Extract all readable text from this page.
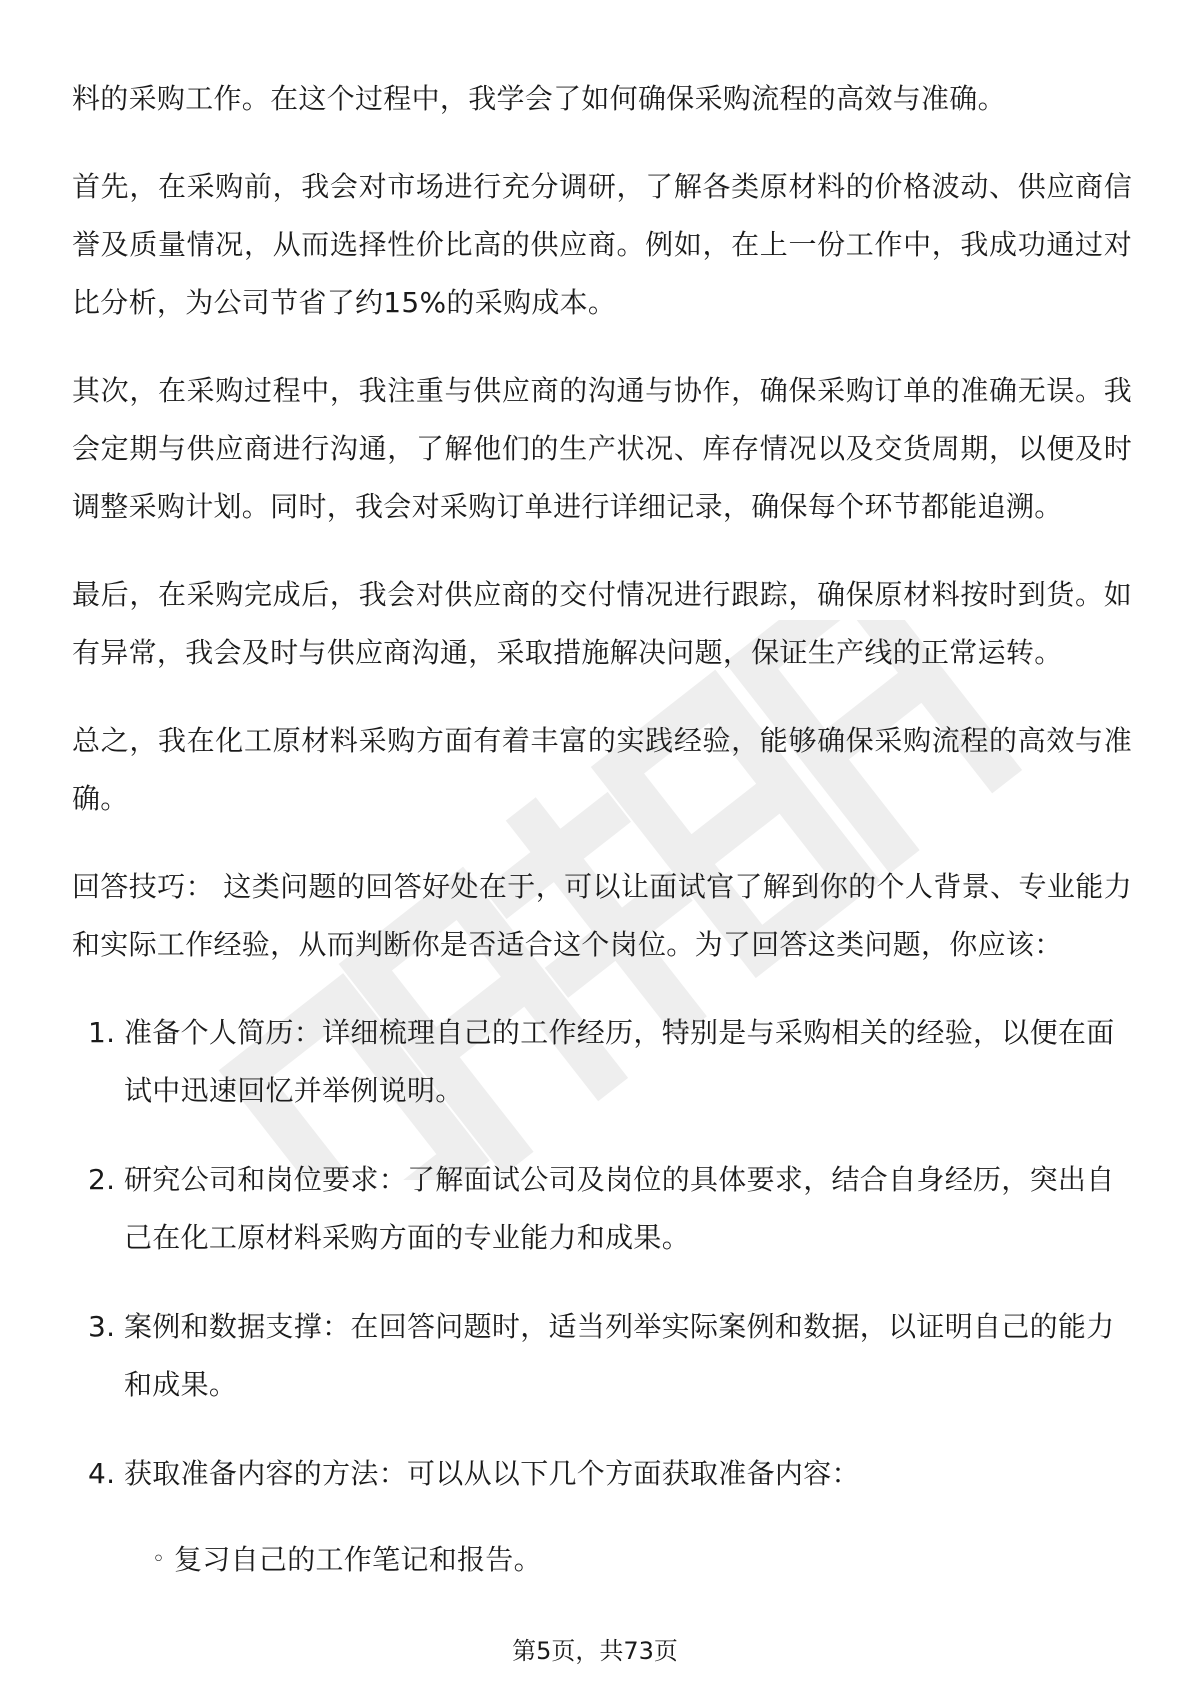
料的采购工作。在这个过程中，我学会了如何确保采购流程的高效与准确。

首先，在采购前，我会对市场进行充分调研，了解各类原材料的价格波动、供应商信誉及质量情况，从而选择性价比高的供应商。例如，在上一份工作中，我成功通过对比分析，为公司节省了约15%的采购成本。

其次，在采购过程中，我注重与供应商的沟通与协作，确保采购订单的准确无误。我会定期与供应商进行沟通，了解他们的生产状况、库存情况以及交货周期，以便及时调整采购计划。同时，我会对采购订单进行详细记录，确保每个环节都能追溯。

最后，在采购完成后，我会对供应商的交付情况进行跟踪，确保原材料按时到货。如有异常，我会及时与供应商沟通，采取措施解决问题，保证生产线的正常运转。

总之，我在化工原材料采购方面有着丰富的实践经验，能够确保采购流程的高效与准确。

回答技巧： 这类问题的回答好处在于，可以让面试官了解到你的个人背景、专业能力和实际工作经验，从而判断你是否适合这个岗位。为了回答这类问题，你应该：

1. 准备个人简历：详细梳理自己的工作经历，特别是与采购相关的经验，以便在面试中迅速回忆并举例说明。
2. 研究公司和岗位要求：了解面试公司及岗位的具体要求，结合自身经历，突出自己在化工原材料采购方面的专业能力和成果。
3. 案例和数据支撑：在回答问题时，适当列举实际案例和数据，以证明自己的能力和成果。
4. 获取准备内容的方法：可以从以下几个方面获取准备内容：
◦ 复习自己的工作笔记和报告。
第5页，共73页
